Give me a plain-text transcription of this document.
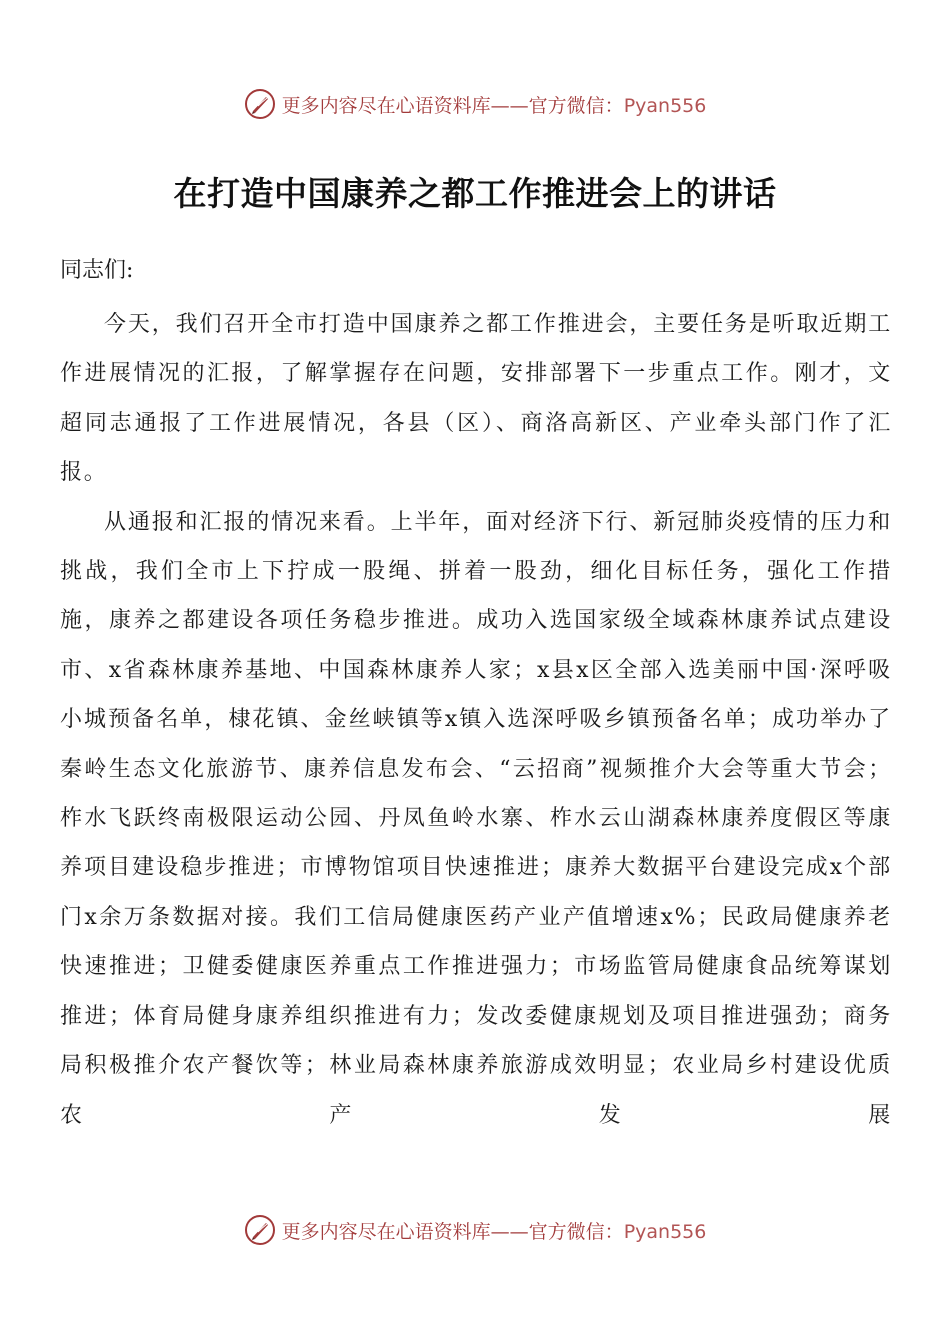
更多内容尽在心语资料库——官方微信：Pyan556
在打造中国康养之都工作推进会上的讲话
同志们:

今天，我们召开全市打造中国康养之都工作推进会，主要任务是听取近期工作进展情况的汇报，了解掌握存在问题，安排部署下一步重点工作。刚才，文超同志通报了工作进展情况，各县（区）、商洛高新区、产业牵头部门作了汇报。

从通报和汇报的情况来看。上半年，面对经济下行、新冠肺炎疫情的压力和挑战，我们全市上下拧成一股绳、拼着一股劲，细化目标任务，强化工作措施，康养之都建设各项任务稳步推进。成功入选国家级全域森林康养试点建设市、x省森林康养基地、中国森林康养人家；x县x区全部入选美丽中国·深呼吸小城预备名单，棣花镇、金丝峡镇等x镇入选深呼吸乡镇预备名单；成功举办了秦岭生态文化旅游节、康养信息发布会、“云招商”视频推介大会等重大节会；柞水飞跃终南极限运动公园、丹凤鱼岭水寨、柞水云山湖森林康养度假区等康养项目建设稳步推进；市博物馆项目快速推进；康养大数据平台建设完成x个部门x余万条数据对接。我们工信局健康医药产业产值增速x%；民政局健康养老快速推进；卫健委健康医养重点工作推进强力；市场监管局健康食品统筹谋划推进；体育局健身康养组织推进有力；发改委健康规划及项目推进强劲；商务局积极推介农产餐饮等；林业局森林康养旅游成效明显；农业局乡村建设优质农产发展

更多内容尽在心语资料库——官方微信：Pyan556
